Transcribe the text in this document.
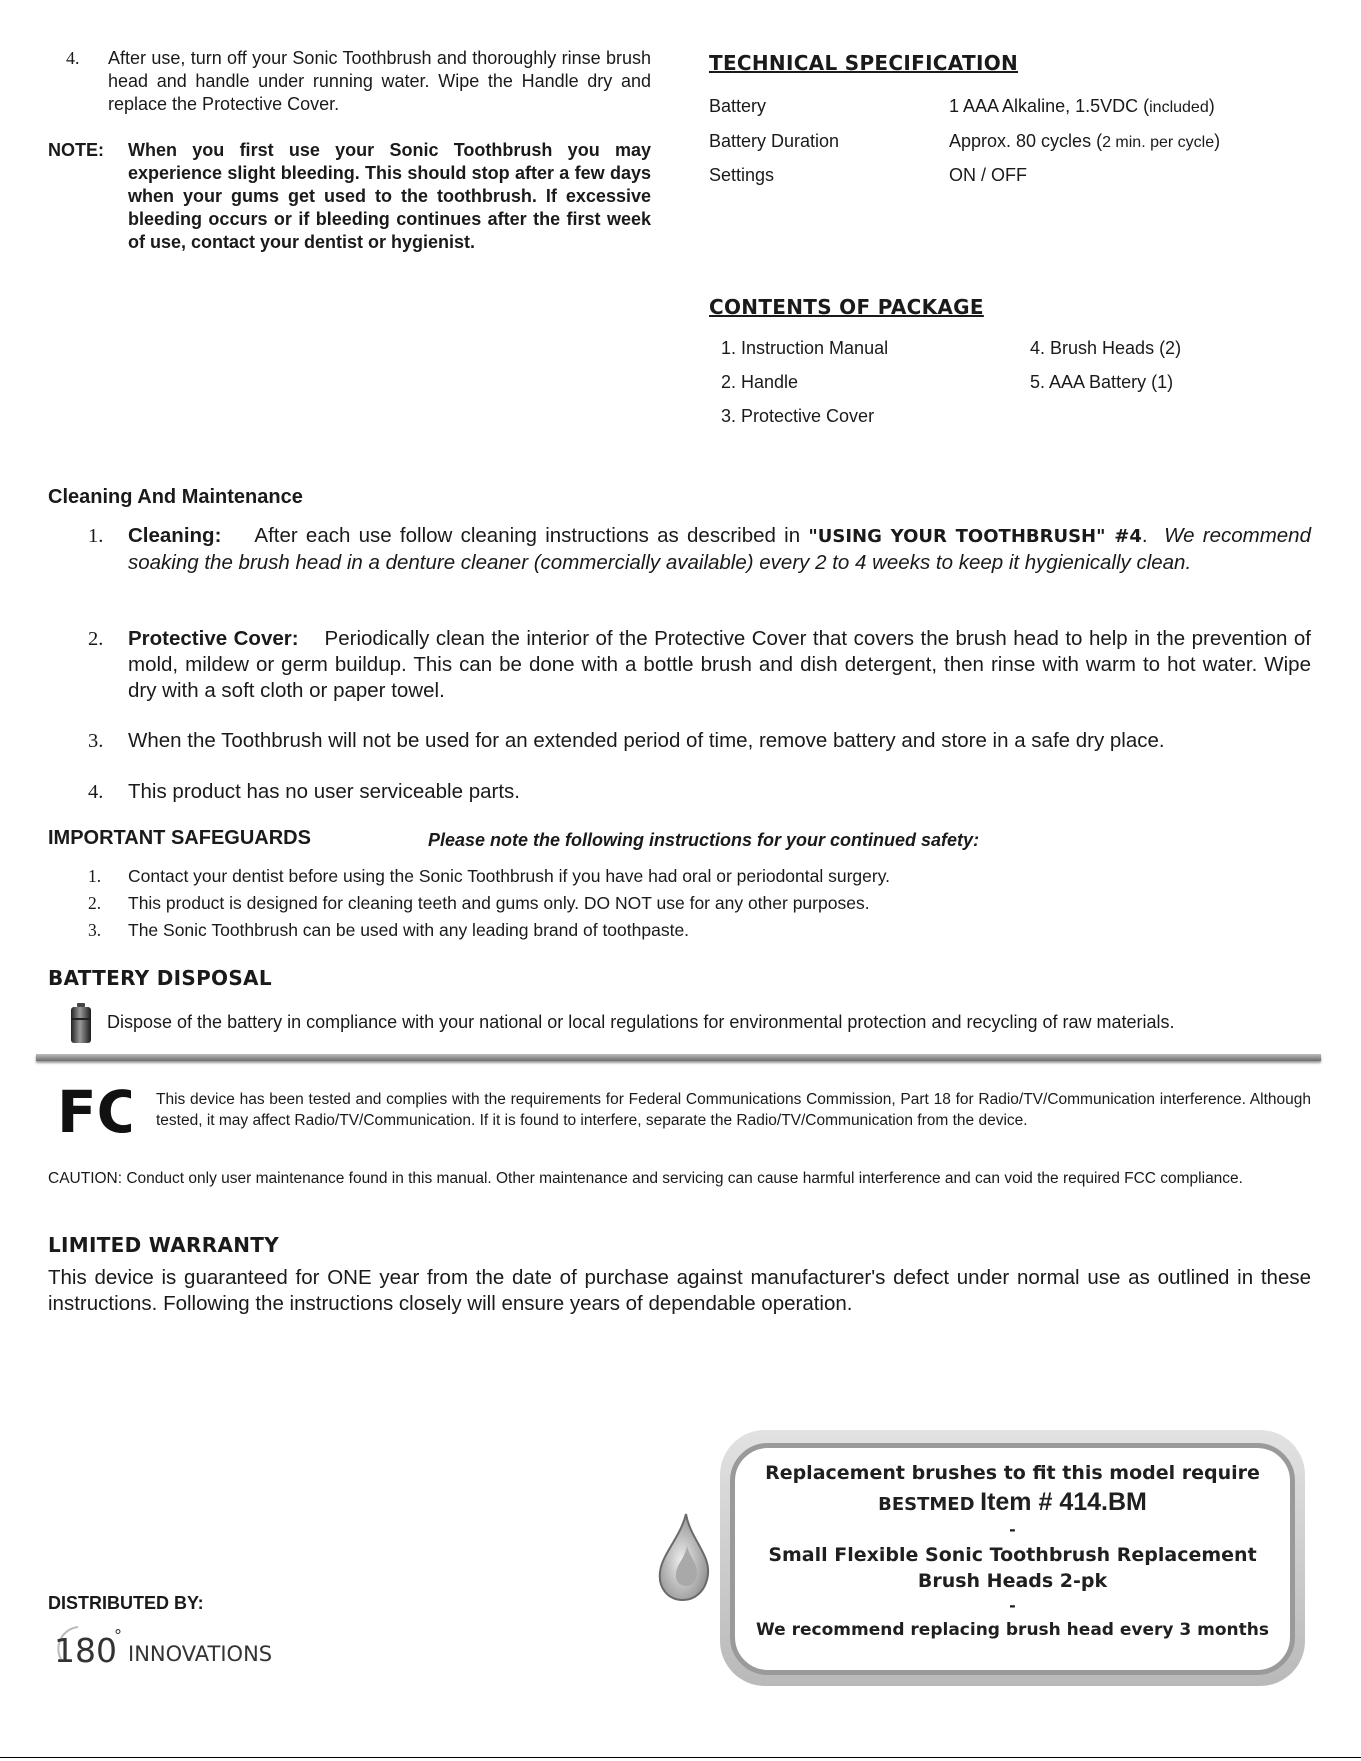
4. After use, turn off your Sonic Toothbrush and thoroughly rinse brush head and handle under running water. Wipe the Handle dry and replace the Protective Cover.
NOTE: When you first use your Sonic Toothbrush you may experience slight bleeding. This should stop after a few days when your gums get used to the toothbrush. If excessive bleeding occurs or if bleeding continues after the first week of use, contact your dentist or hygienist.
TECHNICAL SPECIFICATION
Battery	1 AAA Alkaline, 1.5VDC (included)
Battery Duration	Approx. 80 cycles (2 min. per cycle)
Settings	ON / OFF
CONTENTS OF PACKAGE
1. Instruction Manual
2. Handle
3. Protective Cover
4. Brush Heads (2)
5. AAA Battery (1)
Cleaning And Maintenance
1. Cleaning: After each use follow cleaning instructions as described in "USING YOUR TOOTHBRUSH" #4. We recommend soaking the brush head in a denture cleaner (commercially available) every 2 to 4 weeks to keep it hygienically clean.
2. Protective Cover: Periodically clean the interior of the Protective Cover that covers the brush head to help in the prevention of mold, mildew or germ buildup. This can be done with a bottle brush and dish detergent, then rinse with warm to hot water. Wipe dry with a soft cloth or paper towel.
3. When the Toothbrush will not be used for an extended period of time, remove battery and store in a safe dry place.
4. This product has no user serviceable parts.
IMPORTANT SAFEGUARDS	Please note the following instructions for your continued safety:
1. Contact your dentist before using the Sonic Toothbrush if you have had oral or periodontal surgery.
2. This product is designed for cleaning teeth and gums only. DO NOT use for any other purposes.
3. The Sonic Toothbrush can be used with any leading brand of toothpaste.
BATTERY DISPOSAL
Dispose of the battery in compliance with your national or local regulations for environmental protection and recycling of raw materials.
FC This device has been tested and complies with the requirements for Federal Communications Commission, Part 18 for Radio/TV/Communication interference. Although tested, it may affect Radio/TV/Communication. If it is found to interfere, separate the Radio/TV/Communication from the device.
CAUTION: Conduct only user maintenance found in this manual. Other maintenance and servicing can cause harmful interference and can void the required FCC compliance.
LIMITED WARRANTY
This device is guaranteed for ONE year from the date of purchase against manufacturer's defect under normal use as outlined in these instructions. Following the instructions closely will ensure years of dependable operation.
DISTRIBUTED BY:
180
°
INNOVATIONS
Replacement brushes to fit this model require
BESTMED Item # 414.BM
-
Small Flexible Sonic Toothbrush Replacement
Brush Heads 2-pk
-
We recommend replacing brush head every 3 months
